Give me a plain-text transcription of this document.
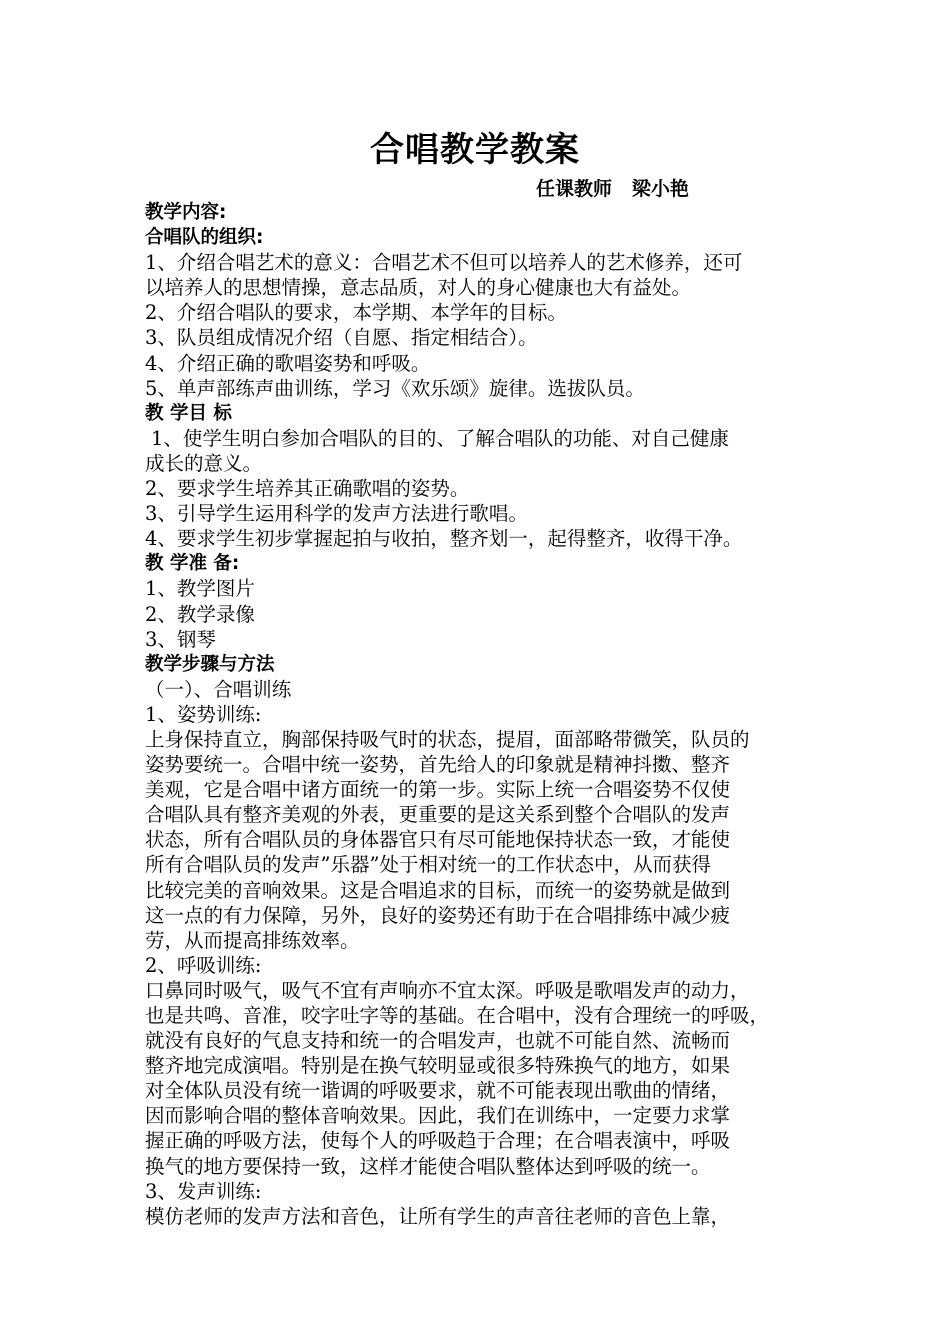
合唱教学教案
任课教师   梁小艳
教学内容:
合唱队的组织:
1、介绍合唱艺术的意义：合唱艺术不但可以培养人的艺术修养，还可
以培养人的思想情操，意志品质，对人的身心健康也大有益处。
2、介绍合唱队的要求，本学期、本学年的目标。
3、队员组成情况介绍（自愿、指定相结合）。
4、介绍正确的歌唱姿势和呼吸。
5、单声部练声曲训练，学习《欢乐颂》旋律。选拔队员。
教 学目 标
1、使学生明白参加合唱队的目的、了解合唱队的功能、对自己健康
成长的意义。
2、要求学生培养其正确歌唱的姿势。
3、引导学生运用科学的发声方法进行歌唱。
4、要求学生初步掌握起拍与收拍，整齐划一，起得整齐，收得干净。
教 学准 备:
1、教学图片
2、教学录像
3、钢琴
教学步骤与方法
（一）、合唱训练
1、姿势训练:
上身保持直立，胸部保持吸气时的状态，提眉，面部略带微笑，队员的
姿势要统一。合唱中统一姿势，首先给人的印象就是精神抖擞、整齐
美观，它是合唱中诸方面统一的第一步。实际上统一合唱姿势不仅使
合唱队具有整齐美观的外表，更重要的是这关系到整个合唱队的发声
状态，所有合唱队员的身体器官只有尽可能地保持状态一致，才能使
所有合唱队员的发声”乐器”处于相对统一的工作状态中，从而获得
比较完美的音响效果。这是合唱追求的目标，而统一的姿势就是做到
这一点的有力保障，另外，良好的姿势还有助于在合唱排练中减少疲
劳，从而提高排练效率。
2、呼吸训练:
口鼻同时吸气，吸气不宜有声响亦不宜太深。呼吸是歌唱发声的动力，
也是共鸣、音准，咬字吐字等的基础。在合唱中，没有合理统一的呼吸，
就没有良好的气息支持和统一的合唱发声，也就不可能自然、流畅而
整齐地完成演唱。特别是在换气较明显或很多特殊换气的地方，如果
对全体队员没有统一谐调的呼吸要求，就不可能表现出歌曲的情绪，
因而影响合唱的整体音响效果。因此，我们在训练中，一定要力求掌
握正确的呼吸方法，使每个人的呼吸趋于合理；在合唱表演中，呼吸
换气的地方要保持一致，这样才能使合唱队整体达到呼吸的统一。
3、发声训练:
模仿老师的发声方法和音色，让所有学生的声音往老师的音色上靠，
